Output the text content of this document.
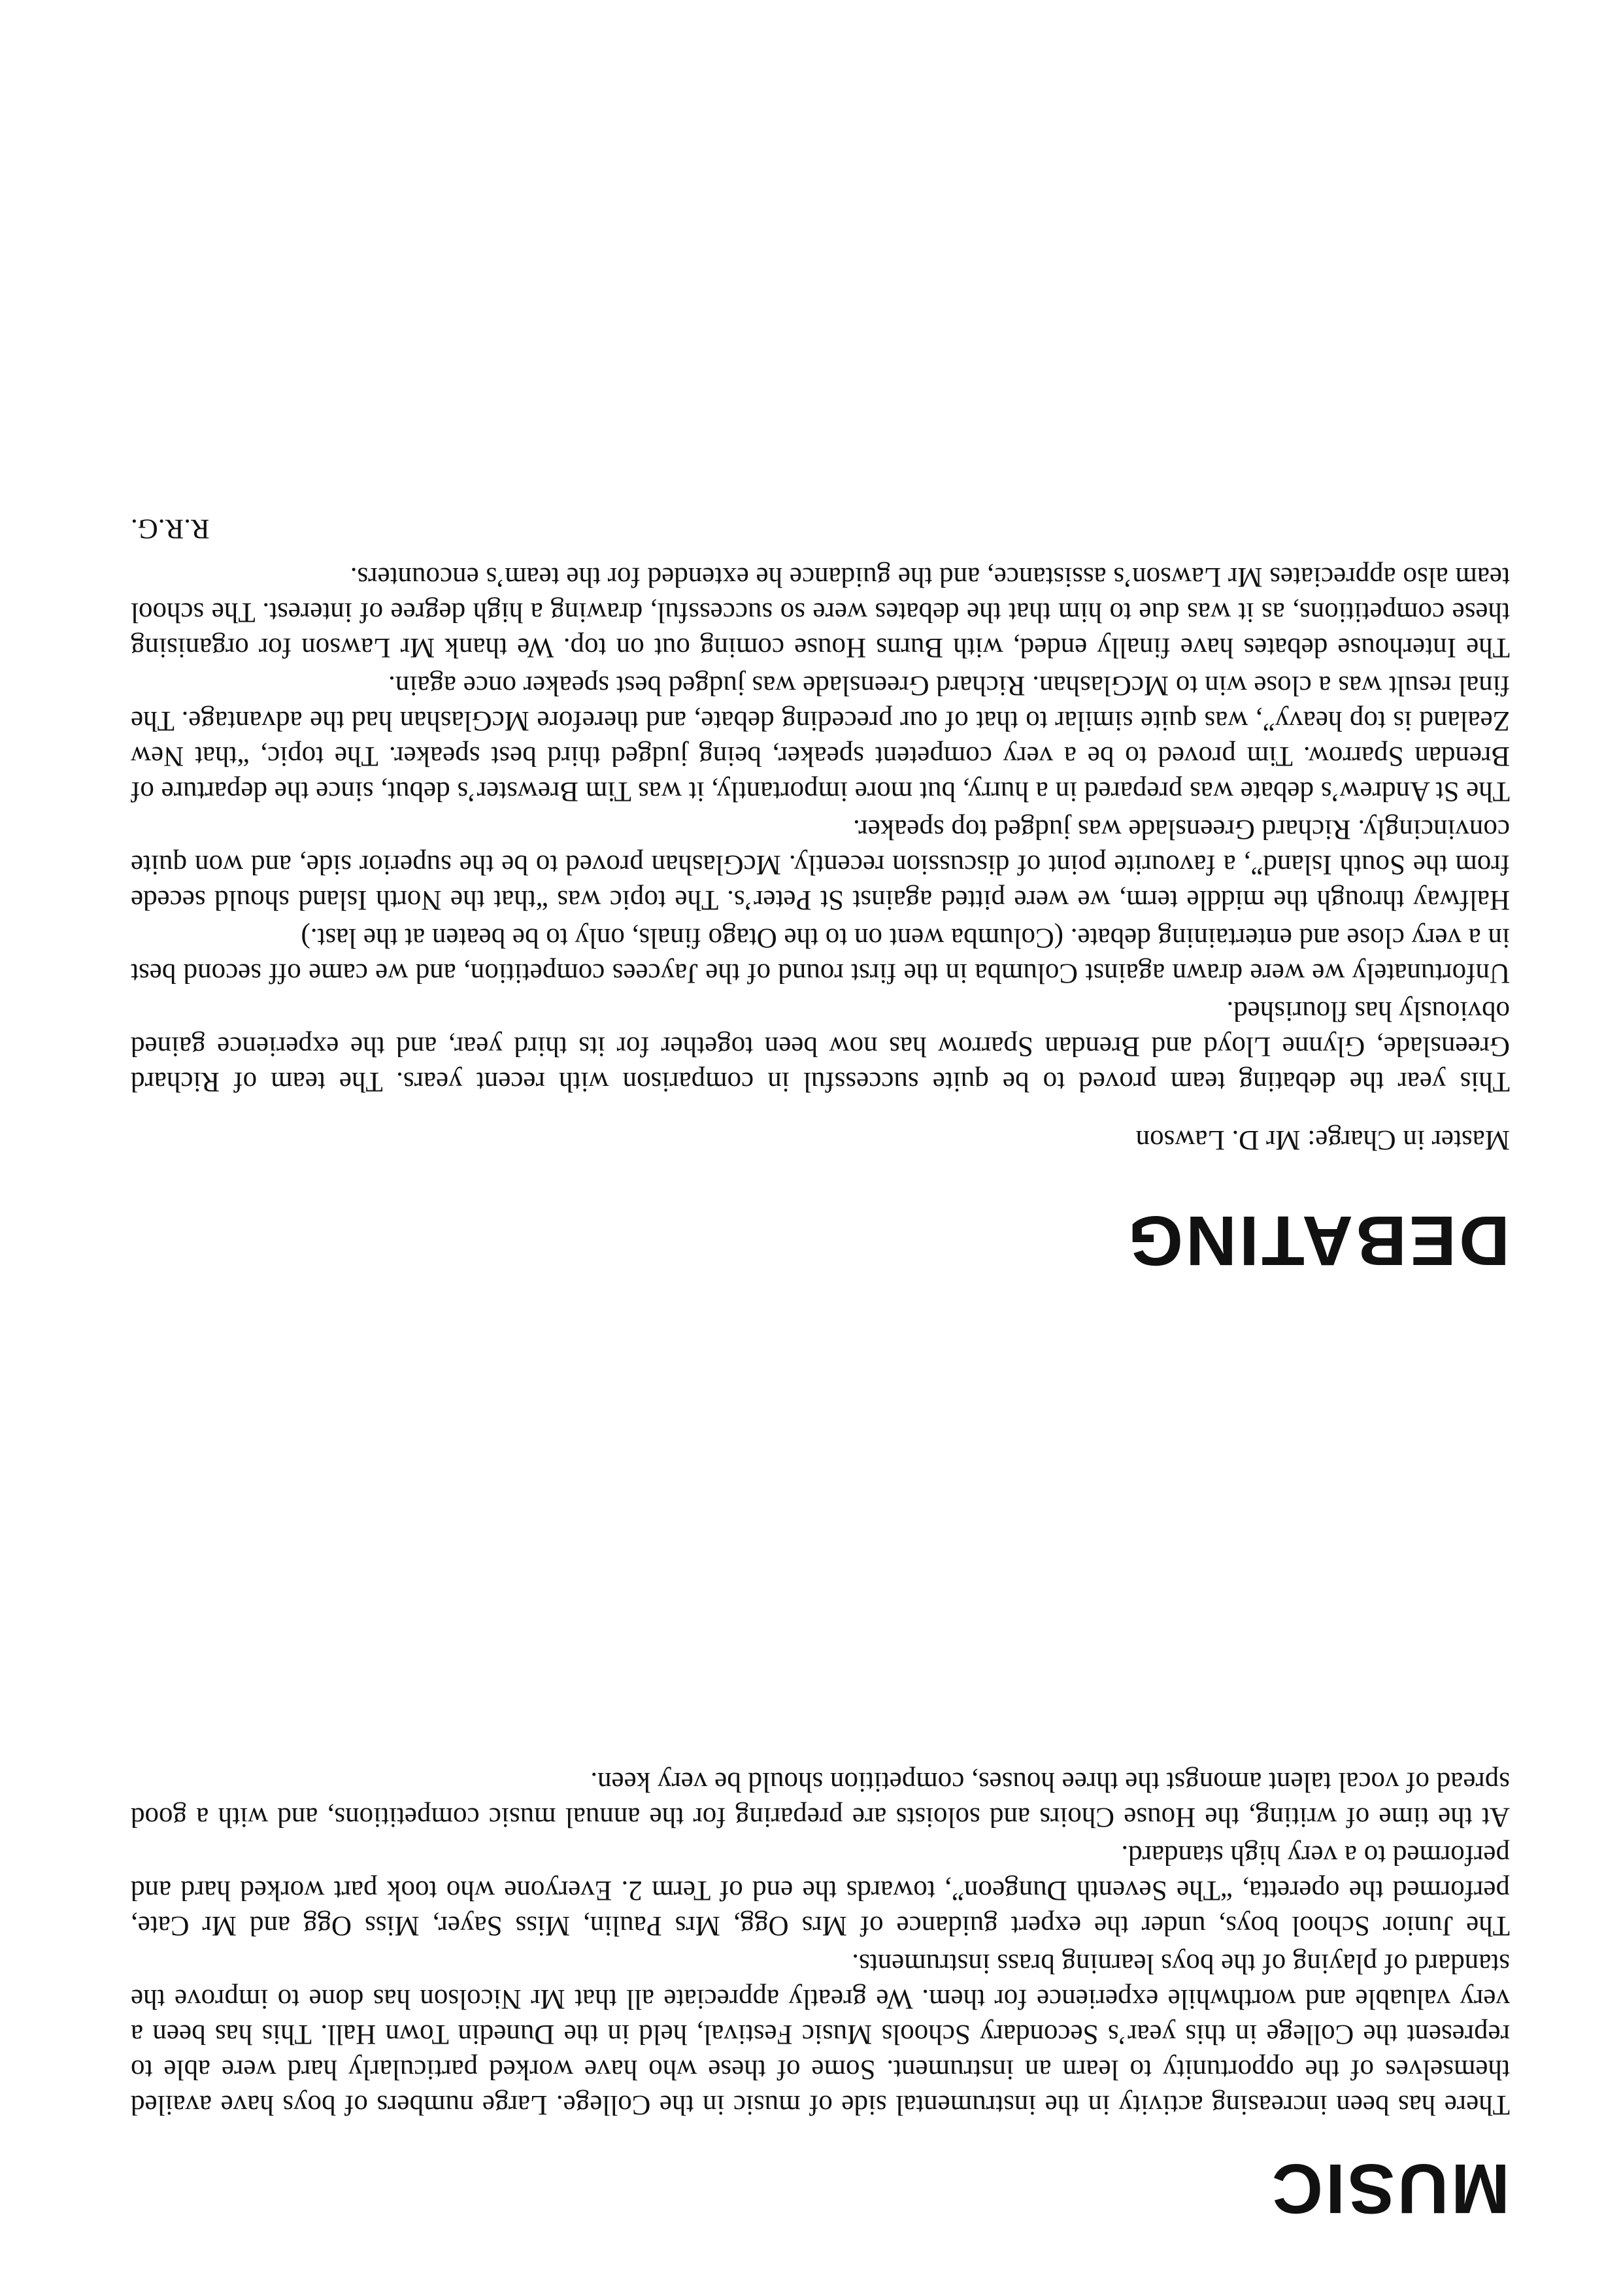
MUSIC

There has been increasing activity in the instrumental side of music in the College. Large numbers of boys have availed themselves of the opportunity to learn an instrument. Some of these who have worked particularly hard were able to represent the College in this year’s Secondary Schools Music Festival, held in the Dunedin Town Hall. This has been a very valuable and worthwhile experience for them. We greatly appreciate all that Mr Nicolson has done to improve the standard of playing of the boys learning brass instruments.

The Junior School boys, under the expert guidance of Mrs Ogg, Mrs Paulin, Miss Sayer, Miss Ogg and Mr Cate, performed the operetta, “The Seventh Dungeon”, towards the end of Term 2. Everyone who took part worked hard and performed to a very high standard.

At the time of writing, the House Choirs and soloists are preparing for the annual music competitions, and with a good spread of vocal talent amongst the three houses, competition should be very keen.

DEBATING

Master in Charge: Mr D. Lawson

This year the debating team proved to be quite successful in comparison with recent years. The team of Richard Greenslade, Glynne Lloyd and Brendan Sparrow has now been together for its third year, and the experience gained obviously has flourished.

Unfortunately we were drawn against Columba in the first round of the Jaycees competition, and we came off second best in a very close and entertaining debate. (Columba went on to the Otago finals, only to be beaten at the last.)

Halfway through the middle term, we were pitted against St Peter’s. The topic was “that the North Island should secede from the South Island”, a favourite point of discussion recently. McGlashan proved to be the superior side, and won quite convincingly. Richard Greenslade was judged top speaker.

The St Andrew’s debate was prepared in a hurry, but more importantly, it was Tim Brewster’s debut, since the departure of Brendan Sparrow. Tim proved to be a very competent speaker, being judged third best speaker. The topic, “that New Zealand is top heavy”, was quite similar to that of our preceding debate, and therefore McGlashan had the advantage. The final result was a close win to McGlashan. Richard Greenslade was judged best speaker once again.

The Interhouse debates have finally ended, with Burns House coming out on top. We thank Mr Lawson for organising these competitions, as it was due to him that the debates were so successful, drawing a high degree of interest. The school team also appreciates Mr Lawson’s assistance, and the guidance he extended for the team’s encounters.

R.R.G.
